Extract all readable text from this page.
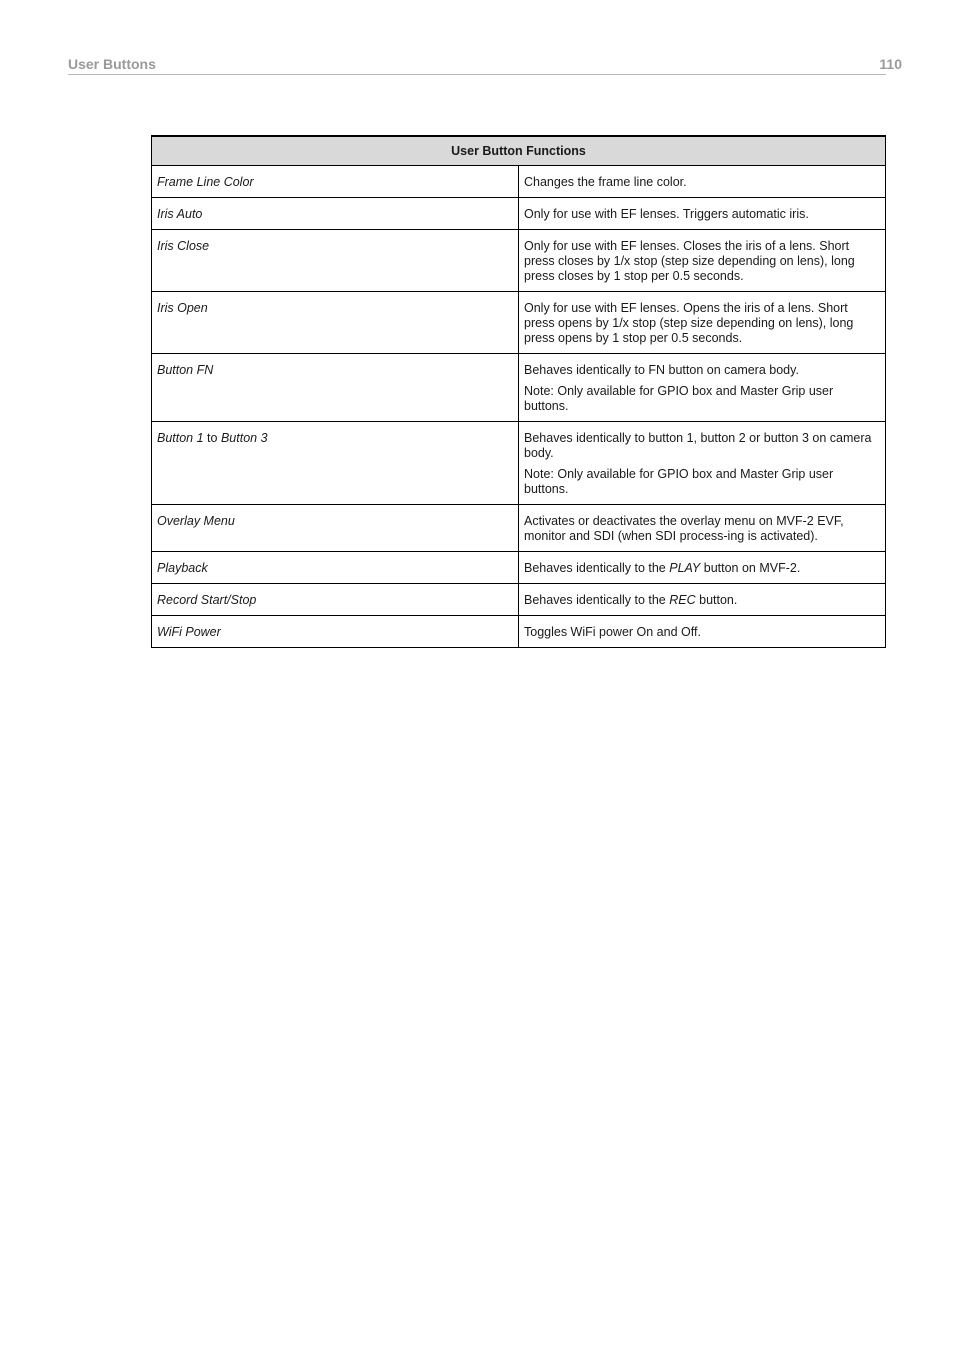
User Buttons	110
User Button Functions	
Frame Line Color	Changes the frame line color.

Iris Auto	Only for use with EF lenses. Triggers automatic iris.

Iris Close	Only for use with EF lenses. Closes the iris of a lens. Short press closes by 1/x stop (step size depending on lens), long press closes by 1 stop per 0.5 seconds.

Iris Open	Only for use with EF lenses. Opens the iris of a lens. Short press opens by 1/x stop (step size depending on lens), long press opens by 1 stop per 0.5 seconds.

Button FN	Behaves identically to FN button on camera body.
Note: Only available for GPIO box and Master Grip user buttons.

Button 1 to Button 3	Behaves identically to button 1, button 2 or button 3 on camera body.
Note: Only available for GPIO box and Master Grip user buttons.

Overlay Menu	Activates or deactivates the overlay menu on MVF-2 EVF, monitor and SDI (when SDI process-ing is activated).

Playback	Behaves identically to the PLAY button on MVF-2.
Record Start/Stop	Behaves identically to the REC button.
WiFi Power	Toggles WiFi power On and Off.
